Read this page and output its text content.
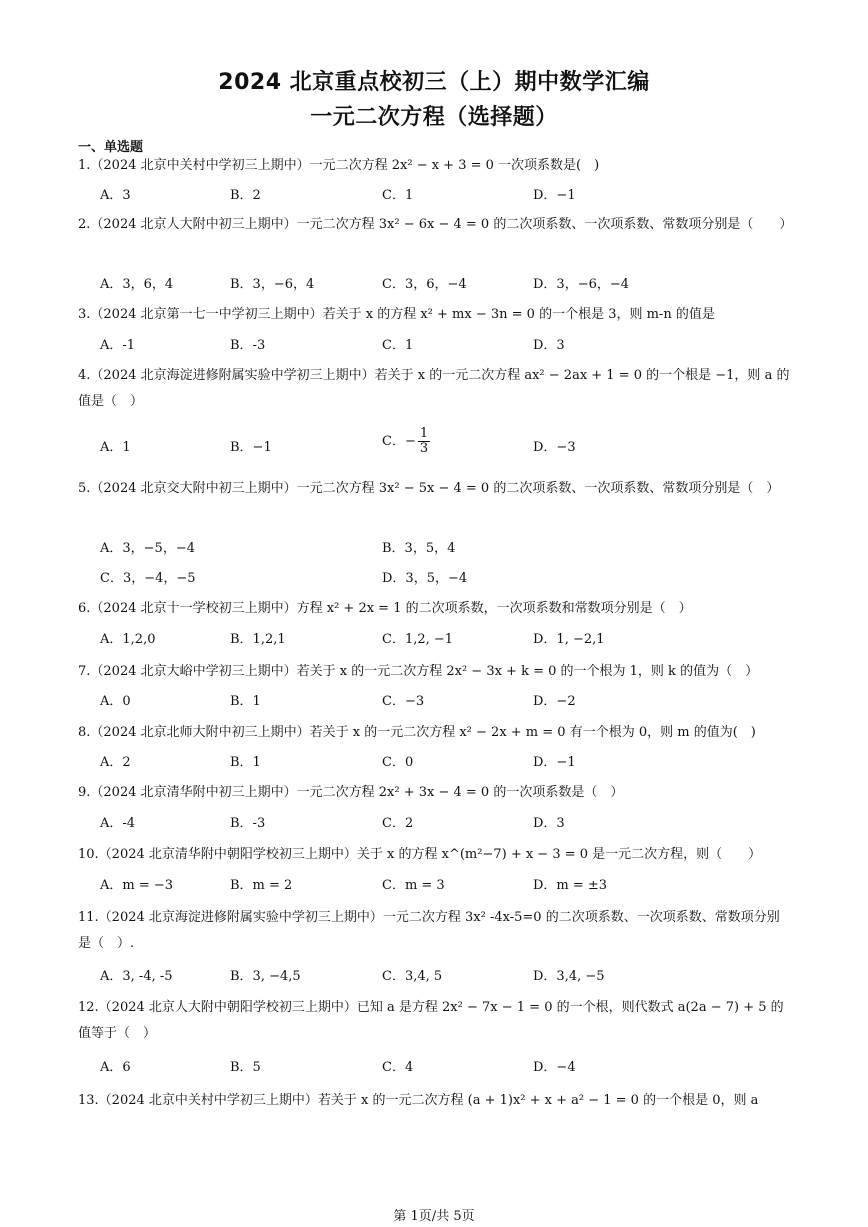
2024 北京重点校初三（上）期中数学汇编
一元二次方程（选择题）
一、单选题
1.（2024 北京中关村中学初三上期中）一元二次方程 2x² − x + 3 = 0 一次项系数是(　)
A．3	B．2	C．1	D．−1
2.（2024 北京人大附中初三上期中）一元二次方程 3x² − 6x − 4 = 0 的二次项系数、一次项系数、常数项分别是（　　）
A．3，6，4	B．3，−6，4	C．3，6，−4	D．3，−6，−4
3.（2024 北京第一七一中学初三上期中）若关于 x 的方程 x² + mx − 3n = 0 的一个根是 3，则 m-n 的值是
A．-1	B．-3	C．1	D．3
4.（2024 北京海淀进修附属实验中学初三上期中）若关于 x 的一元二次方程 ax² − 2ax + 1 = 0 的一个根是 −1，则 a 的值是（　）
A．1	B．−1	C．− $\frac{1}{3}$	D．−3
5.（2024 北京交大附中初三上期中）一元二次方程 3x² − 5x − 4 = 0 的二次项系数、一次项系数、常数项分别是（　）
A．3，−5，−4	B．3，5，4
C．3，−4，−5	D．3，5，−4
6.（2024 北京十一学校初三上期中）方程 x² + 2x = 1 的二次项系数，一次项系数和常数项分别是（　）
A．1,2,0	B．1,2,1	C．1,2, −1	D．1, −2,1
7.（2024 北京大峪中学初三上期中）若关于 x 的一元二次方程 2x² − 3x + k = 0 的一个根为 1，则 k 的值为（　）
A．0	B．1	C．−3	D．−2
8.（2024 北京北师大附中初三上期中）若关于 x 的一元二次方程 x² − 2x + m = 0 有一个根为 0，则 m 的值为(　)
A．2	B．1	C．0	D．−1
9.（2024 北京清华附中初三上期中）一元二次方程 2x² + 3x − 4 = 0 的一次项系数是（　）
A．-4	B．-3	C．2	D．3
10.（2024 北京清华附中朝阳学校初三上期中）关于 x 的方程 x^(m²−7) + x − 3 = 0 是一元二次方程，则（　　）
A．m = −3	B．m = 2	C．m = 3	D．m = ±3
11.（2024 北京海淀进修附属实验中学初三上期中）一元二次方程 3x² -4x-5=0 的二次项系数、一次项系数、常数项分别是（　）.
A．3, -4, -5	B．3, −4,5	C．3,4, 5	D．3,4, −5
12.（2024 北京人大附中朝阳学校初三上期中）已知 a 是方程 2x² − 7x − 1 = 0 的一个根，则代数式 a(2a − 7) + 5 的值等于（　）
A．6	B．5	C．4	D．−4
13.（2024 北京中关村中学初三上期中）若关于 x 的一元二次方程 (a + 1)x² + x + a² − 1 = 0 的一个根是 0，则 a
第 1页/共 5页
